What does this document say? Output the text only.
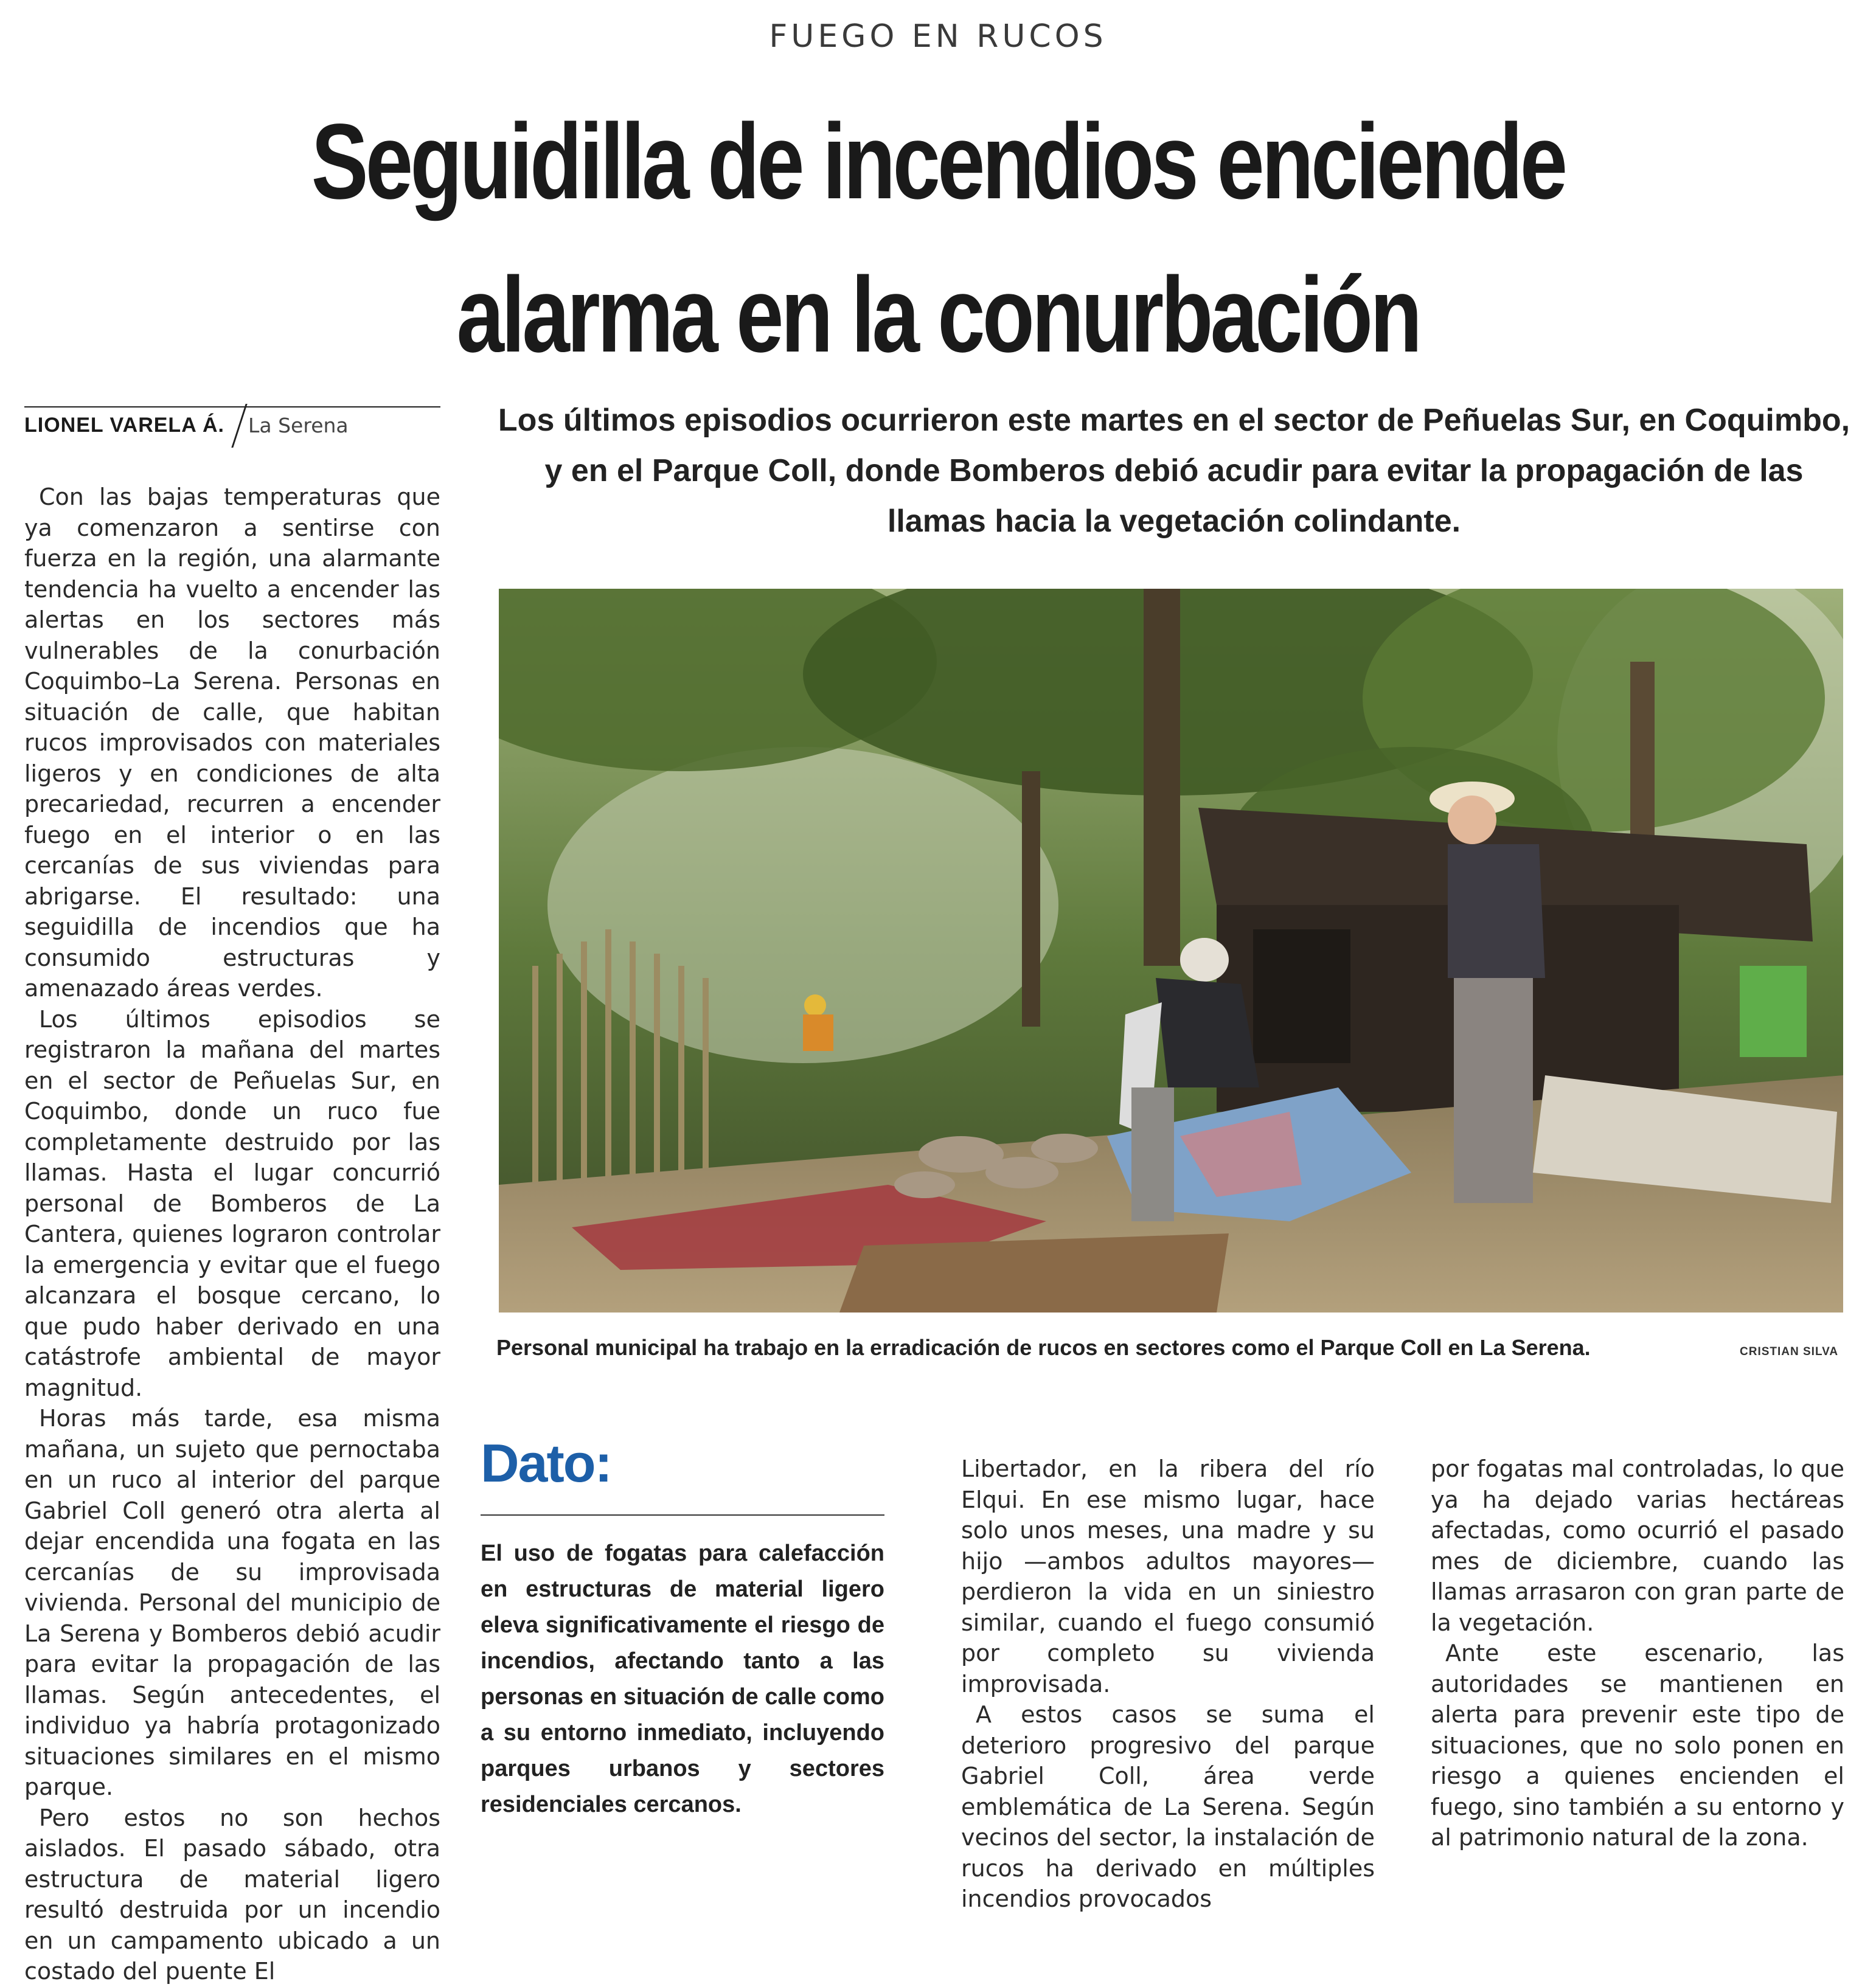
FUEGO EN RUCOS
Seguidilla de incendios enciende
alarma en la conurbación
LIONEL VARELA Á. La Serena

Con las bajas temperaturas que ya comenzaron a sentirse con fuerza en la región, una alarmante tendencia ha vuelto a encender las alertas en los sectores más vulnerables de la conurbación Coquimbo–La Serena. Personas en situación de calle, que habitan rucos improvisados con materiales ligeros y en condiciones de alta precariedad, recurren a encender fuego en el interior o en las cercanías de sus viviendas para abrigarse. El resultado: una seguidilla de incendios que ha consumido estructuras y amenazado áreas verdes.

Los últimos episodios se registraron la mañana del martes en el sector de Peñuelas Sur, en Coquimbo, donde un ruco fue completamente destruido por las llamas. Hasta el lugar concurrió personal de Bomberos de La Cantera, quienes lograron controlar la emergencia y evitar que el fuego alcanzara el bosque cercano, lo que pudo haber derivado en una catástrofe ambiental de mayor magnitud.

Horas más tarde, esa misma mañana, un sujeto que pernoctaba en un ruco al interior del parque Gabriel Coll generó otra alerta al dejar encendida una fogata en las cercanías de su improvisada vivienda. Personal del municipio de La Serena y Bomberos debió acudir para evitar la propagación de las llamas. Según antecedentes, el individuo ya habría protagonizado situaciones similares en el mismo parque.

Pero estos no son hechos aislados. El pasado sábado, otra estructura de material ligero resultó destruida por un incendio en un campamento ubicado a un costado del puente El

Los últimos episodios ocurrieron este martes en el sector de Peñuelas Sur, en Coquimbo, y en el Parque Coll, donde Bomberos debió acudir para evitar la propagación de las llamas hacia la vegetación colindante.
Personal municipal ha trabajo en la erradicación de rucos en sectores como el Parque Coll en La Serena.	CRISTIAN SILVA
Dato:
El uso de fogatas para calefacción en estructuras de material ligero eleva significativamente el riesgo de incendios, afectando tanto a las personas en situación de calle como a su entorno inmediato, incluyendo parques urbanos y sectores residenciales cercanos.

Libertador, en la ribera del río Elqui. En ese mismo lugar, hace solo unos meses, una madre y su hijo —ambos adultos mayores— perdieron la vida en un siniestro similar, cuando el fuego consumió por completo su vivienda improvisada.

A estos casos se suma el deterioro progresivo del parque Gabriel Coll, área verde emblemática de La Serena. Según vecinos del sector, la instalación de rucos ha derivado en múltiples incendios provocados

por fogatas mal controladas, lo que ya ha dejado varias hectáreas afectadas, como ocurrió el pasado mes de diciembre, cuando las llamas arrasaron con gran parte de la vegetación.

Ante este escenario, las autoridades se mantienen en alerta para prevenir este tipo de situaciones, que no solo ponen en riesgo a quienes encienden el fuego, sino también a su entorno y al patrimonio natural de la zona.
